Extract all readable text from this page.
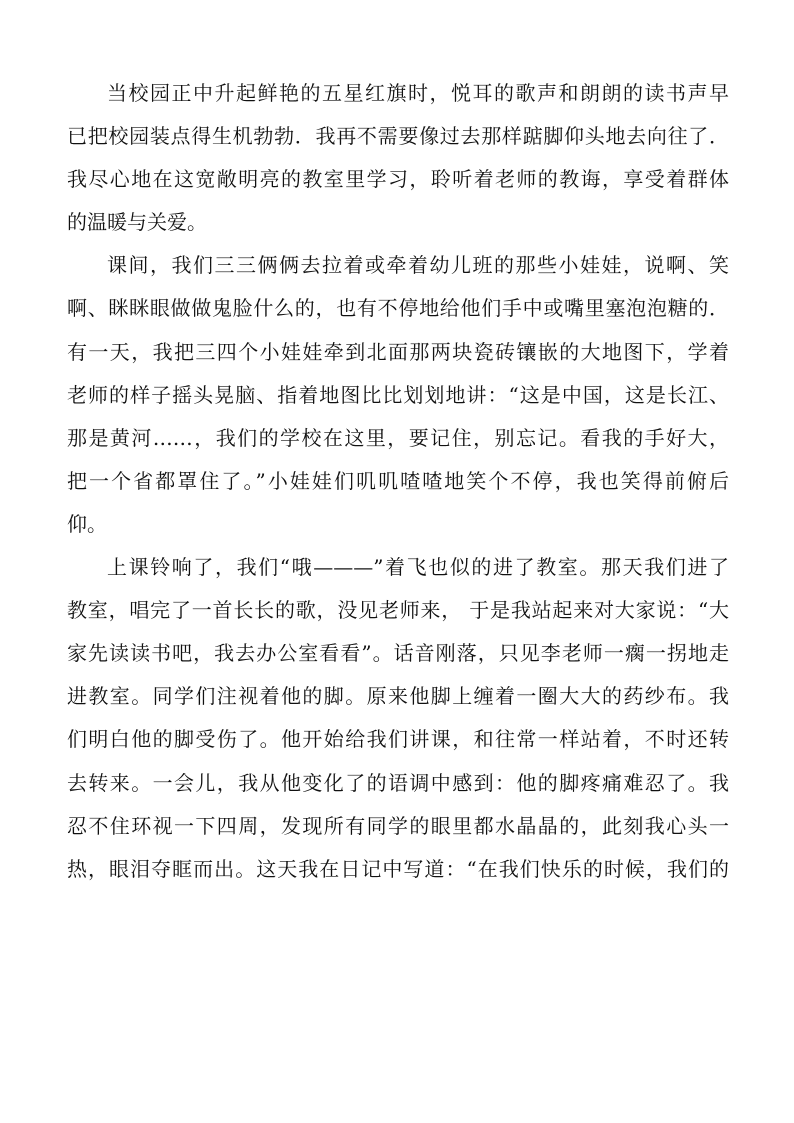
当校园正中升起鲜艳的五星红旗时，悦耳的歌声和朗朗的读书声早
已把校园装点得生机勃勃．我再不需要像过去那样踮脚仰头地去向往了．
我尽心地在这宽敞明亮的教室里学习，聆听着老师的教诲，享受着群体
的温暖与关爱。
课间，我们三三俩俩去拉着或牵着幼儿班的那些小娃娃，说啊、笑
啊、眯眯眼做做鬼脸什么的，也有不停地给他们手中或嘴里塞泡泡糖的．
有一天，我把三四个小娃娃牵到北面那两块瓷砖镶嵌的大地图下，学着
老师的样子摇头晃脑、指着地图比比划划地讲：“这是中国，这是长江、
那是黄河……，我们的学校在这里，要记住，别忘记。看我的手好大，
把一个省都罩住了。”小娃娃们叽叽喳喳地笑个不停，我也笑得前俯后
仰。
上课铃响了，我们“哦———”着飞也似的进了教室。那天我们进了
教室，唱完了一首长长的歌，没见老师来， 于是我站起来对大家说：“大
家先读读书吧，我去办公室看看”。话音刚落，只见李老师一瘸一拐地走
进教室。同学们注视着他的脚。原来他脚上缠着一圈大大的药纱布。我
们明白他的脚受伤了。他开始给我们讲课，和往常一样站着，不时还转
去转来。一会儿，我从他变化了的语调中感到：他的脚疼痛难忍了。我
忍不住环视一下四周，发现所有同学的眼里都水晶晶的，此刻我心头一
热，眼泪夺眶而出。这天我在日记中写道：“在我们快乐的时候，我们的
